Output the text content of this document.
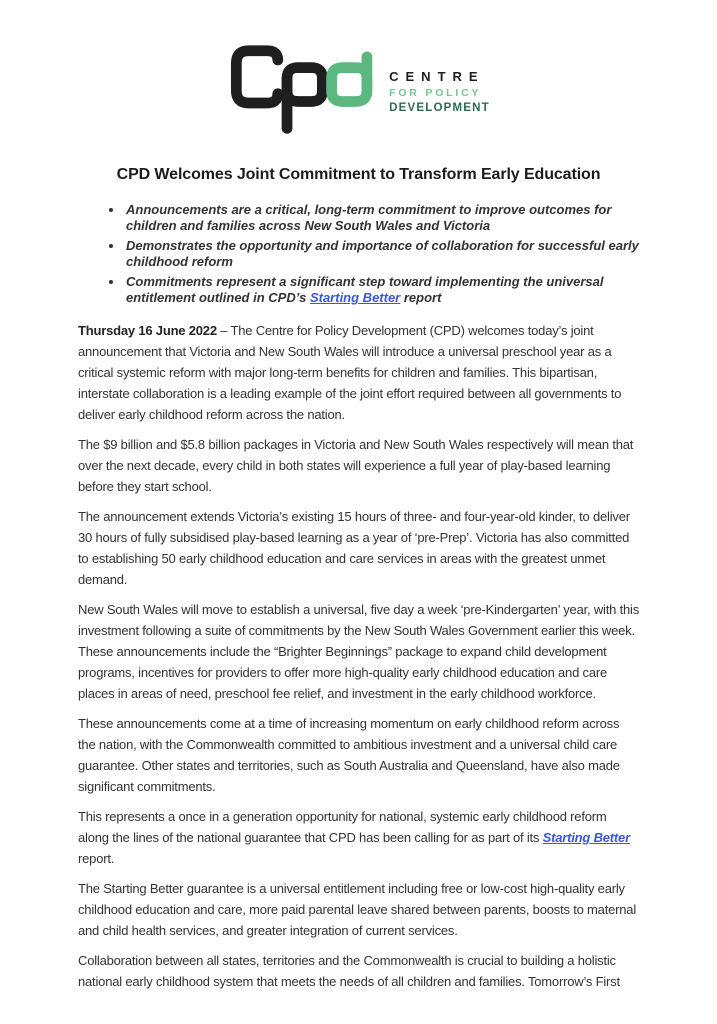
CENTRE
FOR POLICY
DEVELOPMENT
CPD Welcomes Joint Commitment to Transform Early Education
• Announcements are a critical, long-term commitment to improve outcomes for children and families across New South Wales and Victoria
• Demonstrates the opportunity and importance of collaboration for successful early childhood reform
• Commitments represent a significant step toward implementing the universal entitlement outlined in CPD’s Starting Better report

Thursday 16 June 2022 – The Centre for Policy Development (CPD) welcomes today’s joint announcement that Victoria and New South Wales will introduce a universal preschool year as a critical systemic reform with major long-term benefits for children and families. This bipartisan, interstate collaboration is a leading example of the joint effort required between all governments to deliver early childhood reform across the nation.

The $9 billion and $5.8 billion packages in Victoria and New South Wales respectively will mean that over the next decade, every child in both states will experience a full year of play-based learning before they start school.

The announcement extends Victoria’s existing 15 hours of three- and four-year-old kinder, to deliver 30 hours of fully subsidised play-based learning as a year of ‘pre-Prep’. Victoria has also committed to establishing 50 early childhood education and care services in areas with the greatest unmet demand.

New South Wales will move to establish a universal, five day a week ‘pre-Kindergarten’ year, with this investment following a suite of commitments by the New South Wales Government earlier this week. These announcements include the “Brighter Beginnings” package to expand child development programs, incentives for providers to offer more high-quality early childhood education and care places in areas of need, preschool fee relief, and investment in the early childhood workforce.

These announcements come at a time of increasing momentum on early childhood reform across the nation, with the Commonwealth committed to ambitious investment and a universal child care guarantee. Other states and territories, such as South Australia and Queensland, have also made significant commitments.

This represents a once in a generation opportunity for national, systemic early childhood reform along the lines of the national guarantee that CPD has been calling for as part of its Starting Better report.

The Starting Better guarantee is a universal entitlement including free or low-cost high-quality early childhood education and care, more paid parental leave shared between parents, boosts to maternal and child health services, and greater integration of current services.

Collaboration between all states, territories and the Commonwealth is crucial to building a holistic national early childhood system that meets the needs of all children and families. Tomorrow’s First
